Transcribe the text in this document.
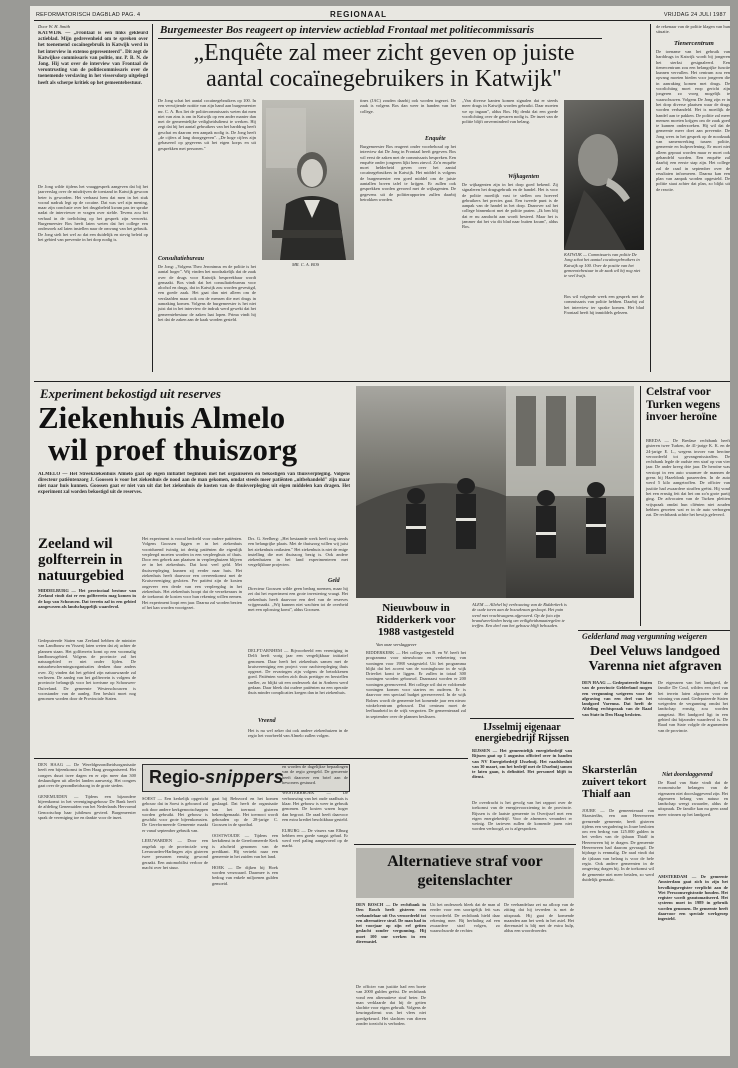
REFORMATORISCH DAGBLAD PAG. 4	REGIONAAL	VRIJDAG 24 JULI 1987
Door W. H. Smith
KATWIJK — „Frontaal is een links gekleurd actieblad. Mijn gedrevenheid om te spreken over het toenemend cocaïnegebruik in Katwijk werd in het interview in extenso gepresenteerd". Dit zegt de Katwijkse commissaris van politie, mr. P. B. N. de Jong. Hij wat over de interview van Frontaal de verontrusting van de politiecommissaris over de toenemende verslaving in het vissersdorp uitgelegd heeft als scherpe kritiek op het gemeentebestuur.
De Jong wilde tijdens het vraaggesprek aangeven dat bij het jaarverslag over de misdrijven de toestand in Katwijk gewoon beter is geworden. Het verbaast hem dat men in het stuk vooral nadruk legt op de cocaïne. Dat was wel zijn mening, maar zijn conclusie over het drugsbeleid kwam pas ter sprake nadat de interviewer er vragen over stelde. Tevens zou het verhaal in de toelichting op het gesprek zijn verwerkt. Burgemeester Bos heeft laten weten dat het college een onderzoek zal laten instellen naar de omvang van het gebruik. De Jong stelt het wel zo dat een duidelijk en stevig beleid op het gebied van preventie in het dorp nodig is.
Burgemeester Bos reageert op interview actieblad Frontaal met politiecommissaris
„Enquête zal meer zicht geven op juiste
aantal cocaïnegebruikers in Katwijk"
De Jong schat het aantal cocaïnegebruikers op 100. In een verwijtende notitie van zijn hand aan burgemeester mr. C. A. Bos liet de politiecommissaris weten dat men niet van zins is om in Katwijk op een ander manier dan met de gemeentelijke veiligheidsdienst te werken. Hij zegt dat hij het aantal gebruikers van het harddrug heeft geschat en daarom een aanpak nodig is. De Jong heeft „de cijfers al lang doorgegeven". „De hoge cijfers zijn gebaseerd op gegevens uit het eigen korps en uit gesprekken met personen."
Consultatiebureau
De Jong: „Volgens Theo Jeronimus en de politie is het aantal hoger". Wij vinden het noodzakelijk dat de zaak over de drugs voor Katwijk bespreekbaar wordt gemaakt. Bos vindt dat het consultatiebureau voor alcohol en drugs, dat in Katwijk zou worden gevestigd, een goede zaak. Het gaat dan niet alleen om de verslaafden maar ook om de mensen die met drugs in aanraking komen. Volgens de burgemeester is het niet juist dat in het interview de indruk werd gewekt dat het gemeentebestuur de zaken laat lopen. Prima vindt hij het dat de zaken aan de kaak worden gesteld.
MR. C. A. BOS
tines (JAC) zouden daarbij ook worden ingezet. De zaak is volgens Bos dan weer in handen van het college.
Enquête
Burgemeester Bos reageert onder voorbehoud op het interview dat De Jong in Frontaal heeft gegeven. Bos wil eerst de zaken met de commissaris bespreken. Een enquête onder jongeren lijkt hem zinvol. Zo'n enquête moet helderheid geven over het aantal cocaïnegebruikers in Katwijk. Het middel is volgens de burgemeester een goed middel om de juiste aantallen boven tafel te krijgen. Er zullen ook gesprekken worden gevoerd met de wijkagenten. De gegevens uit de politierapporten zullen daarbij betrokken worden.
„Van diverse kanten komen signalen dat er steeds meer drugs in Katwijk worden gebruikt. Daar moeten we op ingaan", aldus Bos. Hij denkt dat een goede voorlichting over de gevaren nodig is. De inzet van de politie blijft onverminderd van belang.
Wijkagenten
De wijkagenten zijn in het dorp goed bekend. Zij signaleren het drugsgebruik en de handel. Het is voor de politie moeilijk vast te stellen om hoeveel gebruikers het precies gaat. Een tweede punt is de aanpak van de handel in het dorp. Daarover zal het college binnenkort met de politie praten. „Ik ben blij dat er nu aandacht aan wordt besteed. Maar het is jammer dat het via dit blad naar buiten kwam", aldus Bos.
KATWIJK — Commissaris van politie De Jong schat het aantal cocaïnegebruikers in Katwijk op 100. Over de positie van het gemeentebestuur in de zaak wil hij nog niet te veel kwijt.
Bos wil volgende week een gesprek met de commissaris van politie hebben. Daarbij zal het interview ter sprake komen. Het blad Frontaal heeft hij inmiddels gelezen.
de rekenaar van de politie klagen van hun situatie.
Tienercentrum
De toename van het gebruik van harddrugs in Katwijk wordt bij jongeren het sterkst gesignaleerd. Een tienercentrum zou een belangrijke functie kunnen vervullen. Het centrum zou een opvang moeten bieden voor jongeren die in aanraking komen met drugs. De voorlichting moet erop gericht zijn jongeren zo vroeg mogelijk te waarschuwen. Volgens De Jong zijn er in het dorp diverse plaatsen waar de drugs worden verhandeld. Het is moeilijk de handel aan te pakken. De politie zal meer mensen moeten krijgen om de zaak goed te kunnen onderzoeken. Hij wil dat de gemeente meer doet aan preventie. De Jong wees in het gesprek op de noodzaak van samenwerking tussen politie, gemeente en hulpverlening. Er moet niet alleen gepraat worden maar er moet ook gehandeld worden. Een enquête zal daarbij een eerste stap zijn. Het college zal de raad in september over de resultaten informeren. Daarna kan een plan van aanpak worden opgesteld. De politie staat achter dat plan, zo blijkt uit de reactie.
Experiment bekostigd uit reserves
Ziekenhuis Almelo
wil proef thuiszorg
ALMELO — Het Streekziekenhuis Almelo gaat op eigen initiatief beginnen met het organiseren en bekostigen van thuisverpleging. Volgens directeur patiëntenzorg J. Goossen is voor het ziekenhuis de nood aan de man gekomen, omdat steeds meer patiënten „uitbehandeld" zijn maar niet naar huis kunnen. Goossen gaat er niet van uit dat het ziekenhuis de kosten van de thuisverpleging uit eigen middelen kan dragen. Het experiment zal worden bekostigd uit de reserves.
Zeeland wil golfterrein in natuurgebied
MIDDELBURG — Het provinciaal bestuur van Zeeland vindt dat er een golfterrein mag komen in de kop van Schouwen. Dat terrein zal in een gebied aangewezen als landschappelijk waardevol.
Gedeputeerde Staten van Zeeland hebben de minister van Landbouw en Visserij laten weten dat zij achter de plannen staan. Het golfterrein komt op een voormalig landbouwgebied. Volgens de provincie zal het natuurgebied er niet onder lijden. De natuurbeschermingsorganisaties denken daar anders over. Zij vinden dat het gebied zijn natuurwaarde zal verliezen. De aanleg van het golfterrein is volgens de provincie belangrijk voor het toerisme op Schouwen-Duiveland. De gemeente Westerschouwen is voorstander van de aanleg. Een besluit moet nog genomen worden door de Provinciale Staten.
Het experiment is vooral bedoeld voor oudere patiënten. Volgens Goossen liggen er in het ziekenhuis voortdurend twintig tot dertig patiënten die eigenlijk verpleegd moeten worden in een verpleeghuis of thuis. Door een gebrek aan plaatsen in verpleeghuizen blijven ze in het ziekenhuis. Dat kost veel geld. Met thuisverpleging kunnen zij eerder naar huis. Het ziekenhuis heeft daarvoor een overeenkomst met de Kruisvereniging gesloten. Per patiënt zijn de kosten ongeveer een derde van een verpleegdag in het ziekenhuis. Het ziekenhuis hoopt dat de verzekeraars in de toekomst de kosten voor hun rekening willen nemen. Het experiment loopt een jaar. Daarna zal worden bezien of het kan worden voortgezet.
Drs. G. Seelberg: „Het bestaande werk heeft nog steeds een belangrijke plaats. Met de thuiszorg willen wij juist het ziekenhuis ontlasten." Het ziekenhuis is niet de enige instelling die met thuiszorg bezig is. Ook andere ziekenhuizen in het land experimenteren met vergelijkbare projecten.
Geld
Directeur Goossen wilde geen bedrag noemen, maar hij zei dat het experiment een grote investering vraagt. Het ziekenhuis heeft daarvoor een deel van de reserves vrijgemaakt. „Wij kunnen niet wachten tot de overheid met een oplossing komt", aldus Goossen.
DELFT/ARNHEM — Bijvoorbeeld een vereniging in Delft heeft vorig jaar een vergelijkbaar initiatief genomen. Daar heeft het ziekenhuis samen met de kruisvereniging een project voor nachtverpleging thuis opgezet. De ervaringen zijn volgens de betrokkenen goed. Patiënten voelen zich thuis prettiger en herstellen sneller, zo blijkt uit een onderzoek dat in Arnhem werd gedaan. Daar bleek dat oudere patiënten na een operatie thuis minder complicaties kregen dan in het ziekenhuis.
Vreend
Het is nu wel zeker dat ook andere ziekenhuizen in de regio het voorbeeld van Almelo zullen volgen.
Celstraf voor Turken wegens invoer heroïne
BREDA — De Bredase rechtbank heeft gisteren twee Turken, de 41-jarige K. K. en de 24-jarige E. L., wegens invoer van heroïne veroordeeld tot gevangenisstraffen. De rechtbank legde de oudste een straf op van vier jaar. De ander kreeg drie jaar. De heroïne was verstopt in een auto waarmee de mannen de grens bij Hazeldonk passeerden. In de auto werd 5 kilo aangetroffen. De officier van justitie had zwaardere straffen geëist. Hij vond het een ernstig feit dat het om zo'n grote partij ging. De advocaten van de Turken pleitten vrijspraak omdat hun cliënten niet zouden hebben geweten wat er in de auto verborgen zat. De rechtbank achtte het bewijs geleverd.
Nieuwbouw in Ridderkerk voor 1988 vastgesteld
Van onze verslaggever
RIDDERKERK — Het college van B. en W. heeft het programma voor nieuwbouw en verbetering van woningen voor 1988 vastgesteld. Uit het programma blijkt dat het accent van de woningbouw in de wijk Drievliet komt te liggen. Er zullen in totaal 300 woningen worden gebouwd. Daarnaast worden er 200 woningen gerenoveerd. Het college wil dat er voldoende woningen komen voor starters en ouderen. Er is daarvoor een speciaal budget gereserveerd. In de wijk Bolnes wordt de gemeente het komende jaar een nieuw winkelcentrum gebouwd. Dat centrum moet de leefbaarheid in de wijk vergroten. De gemeenteraad zal in september over de plannen beslissen.
ALEM — Allehel bij verbouwing van de Ridderkerk is de oude toren aan de bouwkraan gesloopt. Het puin werd met vrachtwagens afgevoerd. Op de foto zijn brandweerlieden bezig om veiligheidsmaatregelen te treffen. Een deel van het gebouw blijft behouden.
IJsselmij eigenaar energiebedrijf Rijssen
RIJSSEN — Het gemeentelijk energiebedrijf van Rijssen gaat op 1 augustus officieel over in handen van NV Energiebedrijf IJsselmij. Het raadsbesluit van 30 maart, om het bedrijf met de IJsselmij samen te laten gaan, is definitief. Het personeel blijft in dienst.
De overdracht is het gevolg van het rapport over de toekomst van de energievoorziening in de provincie. Rijssen is de laatste gemeente in Overijssel met een eigen energiebedrijf. Voor de afnemers verandert er weinig. De tarieven zullen de komende jaren niet worden verhoogd, zo is afgesproken.
Gelderland mag vergunning weigeren
Deel Veluws landgoed Varenna niet afgraven
DEN HAAG — Gedeputeerde Staten van de provincie Gelderland mogen een vergunning weigeren voor de afgraving van een deel van het landgoed Varenna. Dat heeft de Afdeling rechtspraak van de Raad van State in Den Haag besloten.
De eigenaren van het landgoed, de familie De Coul, wilden een deel van het terrein laten afgraven voor de winning van zand. Gedeputeerde Staten weigerden de vergunning omdat het landschap ernstig zou worden aangetast. Het landgoed ligt in een gebied dat bijzonder waardevol is. De Raad van State volgde de argumenten van de provincie.
Niet doorslaggevend
De Raad van State vindt dat de economische belangen van de eigenaren niet doorslaggevend zijn. Het algemeen belang van natuur en landschap weegt zwaarder, aldus de uitspraak. De familie kan nu geen zand meer winnen op het landgoed.
Skarsterlân zuivert tekort Thialf aan
JOURE — De gemeenteraad van Skarsterlân, een aan Heerenveen grenzende gemeente, heeft gisteren tijdens een vergadering in Joure besloten om een bedrag van 125.000 gulden in het verlies van de ijsbaan Thialf in Heerenveen bij te dragen. De gemeente Heerenveen had daarom gevraagd. De bijdrage is eenmalig. De raad vindt dat de ijsbaan van belang is voor de hele regio. Ook andere gemeenten in de omgeving dragen bij. In de toekomst wil de gemeente niet meer betalen, zo werd duidelijk gemaakt.
AMSTERDAM — De gemeente Amsterdam gaat zich in zijn het bevolkingsregister verplicht aan de Wet Persoonsregistratie houden. Het register wordt geautomatiseerd. Het systeem moet in 1989 in gebruik worden genomen. De gemeente heeft daarvoor een speciale werkgroep ingesteld.
DEN HAAG — De Wereldgezondheidsorganisatie heeft een bijeenkomst in Den Haag georganiseerd. Het congres duurt twee dagen en er zijn meer dan 300 deskundigen uit allerlei landen aanwezig. Het congres gaat over de gezondheidszorg in de grote steden.

GENEMUIDEN — Tijdens een bijzondere bijeenkomst in het verenigingsgebouw De Bank heeft de afdeling Genemuiden van het Nederlands Hervormd Genootschap haar jubileum gevierd. Burgemeester sprak de vereniging toe en dankte voor de inzet.
Regio- snippers
SOEST — Een kerkelijk opgericht gebouw dat in Soest is gebouwd zal ook door andere kerkgenootschappen worden gebruikt. Het gebouw is geschikt voor grote bijeenkomsten. De Gereformeerde Gemeente maakt er vanaf september gebruik van.

LEEUWARDEN — Door een ongeluk op de provinciale weg Leeuwarden-Harlingen zijn gisteren twee personen ernstig gewond geraakt. Een automobilist verloor de macht over het stuur.
gaat bij Bebsvord en het komen geslaagd. Dat heeft de organisatie van het toernooi gisteren bekendgemaakt. Het toernooi wordt gehouden op de 28-jarige C. Goossen in de sporthal.

OOSTWOUDE — Tijdens een kerkdienst in de Gereformeerde Kerk is afscheid genomen van de predikant. Hij vertrekt naar een gemeente in het zuiden van het land.

HOEK — De dijken bij Hoek worden verzwaard. Daarmee is een bedrag van enkele miljoenen gulden gemoeid.
en worden de dagelijkse bepaalingen van de regio geregeld. De gemeente heeft daarover een brief aan de bewoners gestuurd.

WESTERBROEK — De verbouwing van het oude raadhuis is klaar. Het gebouw is weer in gebruik genomen. De kosten waren hoger dan begroot. De raad heeft daarvoor een extra krediet beschikbaar gesteld.

ELBURG — De vissers van Elburg hebben een goede vangst gehad. Er werd veel paling aangevoerd op de markt.
Alternatieve straf voor geitenslachter
DEN BOSCH — De rechtbank in Den Bosch heeft gisteren een veehandelaar uit Oss veroordeeld tot een alternatieve straf. De man had in het voorjaar op zijn erf geiten geslacht zonder vergunning. Hij moet 100 uur werken in een dierenasiel.
De officier van justitie had een boete van 2000 gulden geëist. De rechtbank vond een alternatieve straf beter. De man verklaarde dat hij de geiten slachtte voor eigen gebruik. Volgens de keuringsdienst was het vlees niet goedgekeurd. Het slachten van dieren zonder toezicht is verboden.
Uit het onderzoek bleek dat de man al eerder voor een soortgelijk feit was veroordeeld. De rechtbank hield daar rekening mee. Bij herhaling zal een zwaardere straf volgen, zo waarschuwde de rechter.
De veehandelaar zei na afloop van de zitting dat hij tevreden is met de uitspraak. Hij gaat de komende maanden aan het werk in het asiel. Het dierenasiel is blij met de extra hulp, aldus een woordvoerder.
